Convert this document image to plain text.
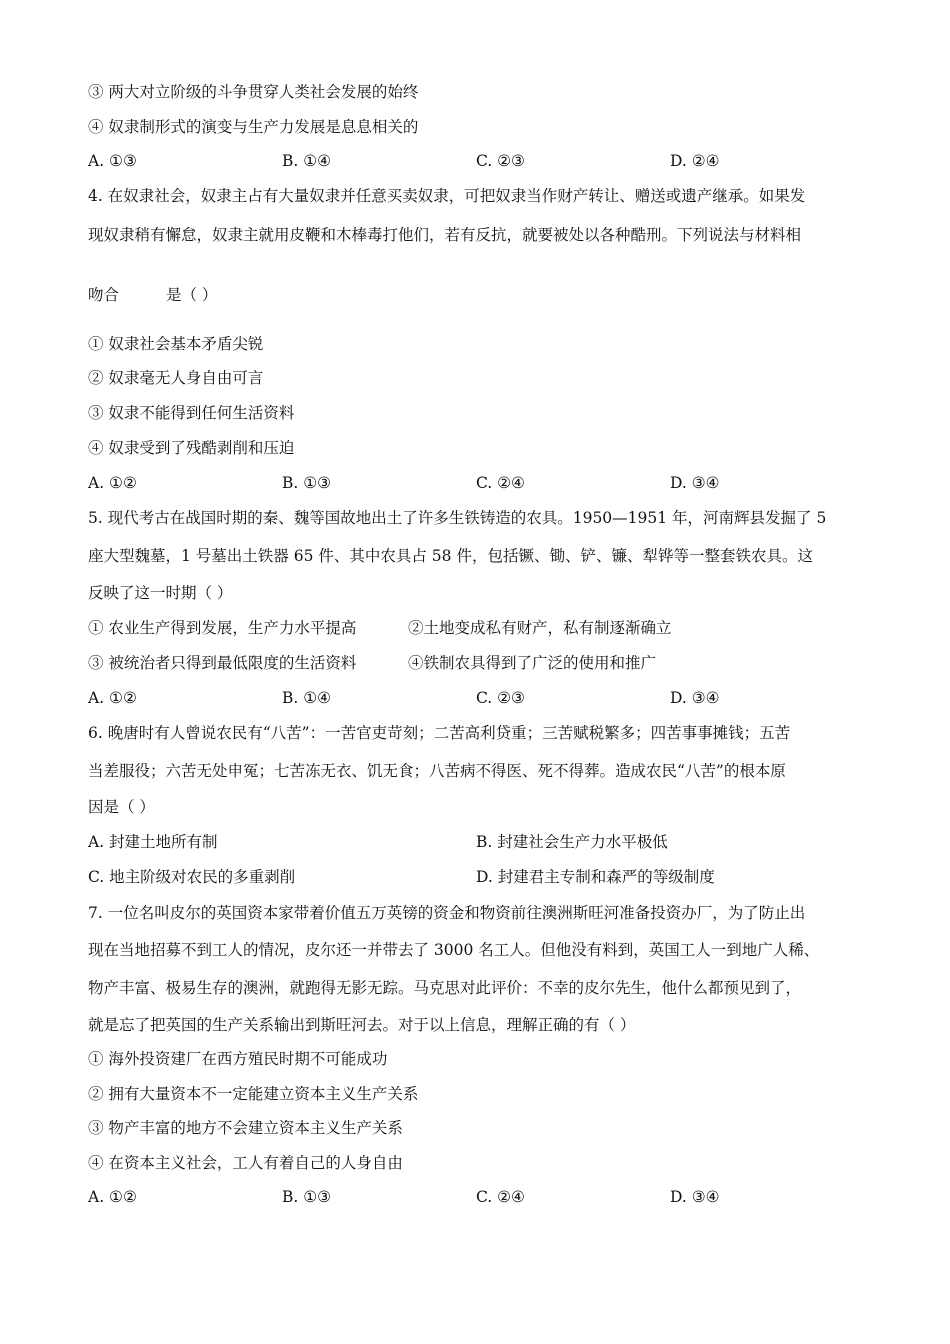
③ 两大对立阶级的斗争贯穿人类社会发展的始终
④ 奴隶制形式的演变与生产力发展是息息相关的
A. ①③	B. ①④	C. ②③	D. ②④
4. 在奴隶社会，奴隶主占有大量奴隶并任意买卖奴隶，可把奴隶当作财产转让、赠送或遗产继承。如果发
现奴隶稍有懈怠，奴隶主就用皮鞭和木棒毒打他们，若有反抗，就要被处以各种酷刑。下列说法与材料相
吻合	是（ ）
① 奴隶社会基本矛盾尖锐
② 奴隶毫无人身自由可言
③ 奴隶不能得到任何生活资料
④ 奴隶受到了残酷剥削和压迫
A. ①②	B. ①③	C. ②④	D. ③④
5. 现代考古在战国时期的秦、魏等国故地出土了许多生铁铸造的农具。1950—1951 年，河南辉县发掘了 5
座大型魏墓，1 号墓出土铁器 65 件、其中农具占 58 件，包括镢、锄、铲、镰、犁铧等一整套铁农具。这
反映了这一时期（ ）
① 农业生产得到发展，生产力水平提高	②土地变成私有财产，私有制逐渐确立
③ 被统治者只得到最低限度的生活资料	④铁制农具得到了广泛的使用和推广
A. ①②	B. ①④	C. ②③	D. ③④
6. 晚唐时有人曾说农民有“八苦”：一苦官吏苛刻；二苦高利贷重；三苦赋税繁多；四苦事事摊钱；五苦
当差服役；六苦无处申冤；七苦冻无衣、饥无食；八苦病不得医、死不得葬。造成农民“八苦”的根本原
因是（ ）
A. 封建土地所有制	B. 封建社会生产力水平极低
C. 地主阶级对农民的多重剥削	D. 封建君主专制和森严的等级制度
7. 一位名叫皮尔的英国资本家带着价值五万英镑的资金和物资前往澳洲斯旺河准备投资办厂，为了防止出
现在当地招募不到工人的情况，皮尔还一并带去了 3000 名工人。但他没有料到，英国工人一到地广人稀、
物产丰富、极易生存的澳洲，就跑得无影无踪。马克思对此评价：不幸的皮尔先生，他什么都预见到了，
就是忘了把英国的生产关系输出到斯旺河去。对于以上信息，理解正确的有（ ）
① 海外投资建厂在西方殖民时期不可能成功
② 拥有大量资本不一定能建立资本主义生产关系
③ 物产丰富的地方不会建立资本主义生产关系
④ 在资本主义社会，工人有着自己的人身自由
A. ①②	B. ①③	C. ②④	D. ③④
